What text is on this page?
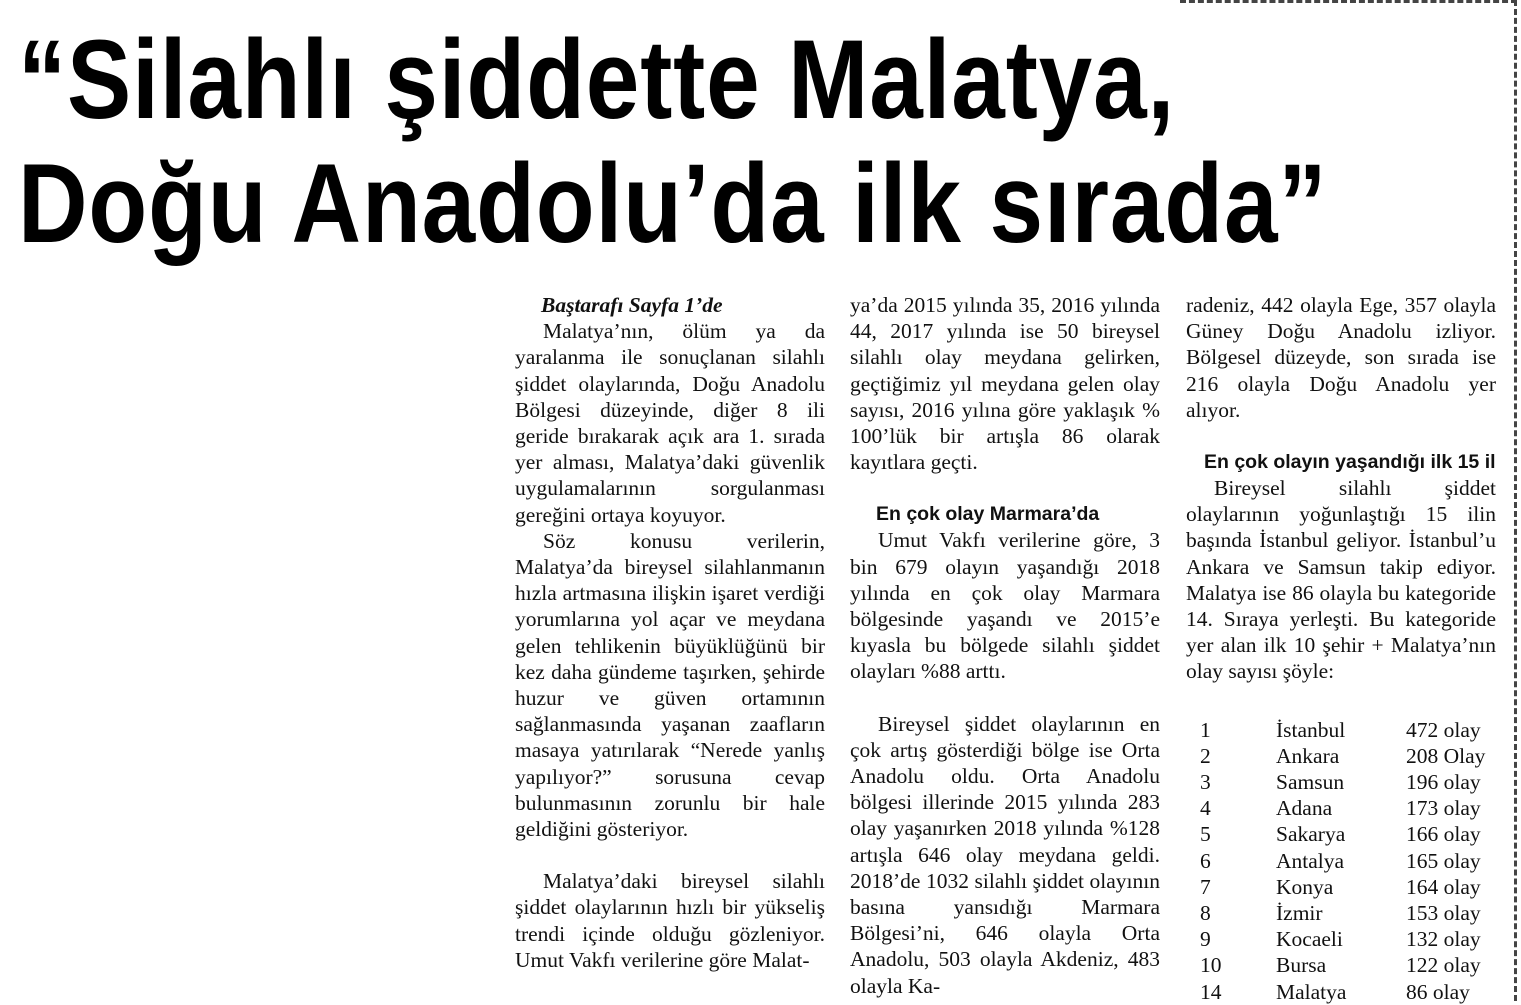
“Silahlı şiddette Malatya,
Doğu Anadolu’da ilk sırada”

Baştarafı Sayfa 1’de

Malatya’nın, ölüm ya da yaralanma ile sonuçlanan silahlı şiddet olaylarında, Doğu Anadolu Bölgesi düzeyinde, diğer 8 ili geride bırakarak açık ara 1. sırada yer alması, Malatya’daki güvenlik uygulamalarının sorgulanması gereğini ortaya koyuyor.

Söz konusu verilerin, Malatya’da bireysel silahlanmanın hızla artmasına ilişkin işaret verdiği yorumlarına yol açar ve meydana gelen tehlikenin büyüklüğünü bir kez daha gündeme taşırken, şehirde huzur ve güven ortamının sağlanmasında yaşanan zaafların masaya yatırılarak “Nerede yanlış yapılıyor?” sorusuna cevap bulunmasının zorunlu bir hale geldiğini gösteriyor.

Malatya’daki bireysel silahlı şiddet olaylarının hızlı bir yükseliş trendi içinde olduğu gözleniyor. Umut Vakfı verilerine göre Malat-

ya’da 2015 yılında 35, 2016 yılında 44, 2017 yılında ise 50 bireysel silahlı olay meydana gelirken, geçtiğimiz yıl meydana gelen olay sayısı, 2016 yılına göre yaklaşık % 100’lük bir artışla 86 olarak kayıtlara geçti.

En çok olay Marmara’da

Umut Vakfı verilerine göre, 3 bin 679 olayın yaşandığı 2018 yılında en çok olay Marmara bölgesinde yaşandı ve 2015’e kıyasla bu bölgede silahlı şiddet olayları %88 arttı.

Bireysel şiddet olaylarının en çok artış gösterdiği bölge ise Orta Anadolu oldu. Orta Anadolu bölgesi illerinde 2015 yılında 283 olay yaşanırken 2018 yılında %128 artışla 646 olay meydana geldi. 2018’de 1032 silahlı şiddet olayının basına yansıdığı Marmara Bölgesi’ni, 646 olayla Orta Anadolu, 503 olayla Akdeniz, 483 olayla Ka-

radeniz, 442 olayla Ege, 357 olayla Güney Doğu Anadolu izliyor. Bölgesel düzeyde, son sırada ise 216 olayla Doğu Anadolu yer alıyor.

En çok olayın yaşandığı ilk 15 il

Bireysel silahlı şiddet olaylarının yoğunlaştığı 15 ilin başında İstanbul geliyor. İstanbul’u Ankara ve Samsun takip ediyor. Malatya ise 86 olayla bu kategoride 14. Sıraya yerleşti. Bu kategoride yer alan ilk 10 şehir + Malatya’nın olay sayısı şöyle:

1	İstanbul	472 olay
2	Ankara	208 Olay
3	Samsun	196 olay
4	Adana	173 olay
5	Sakarya	166 olay
6	Antalya	165 olay
7	Konya	164 olay
8	İzmir	153 olay
9	Kocaeli	132 olay
10	Bursa	122 olay
14	Malatya	86 olay
